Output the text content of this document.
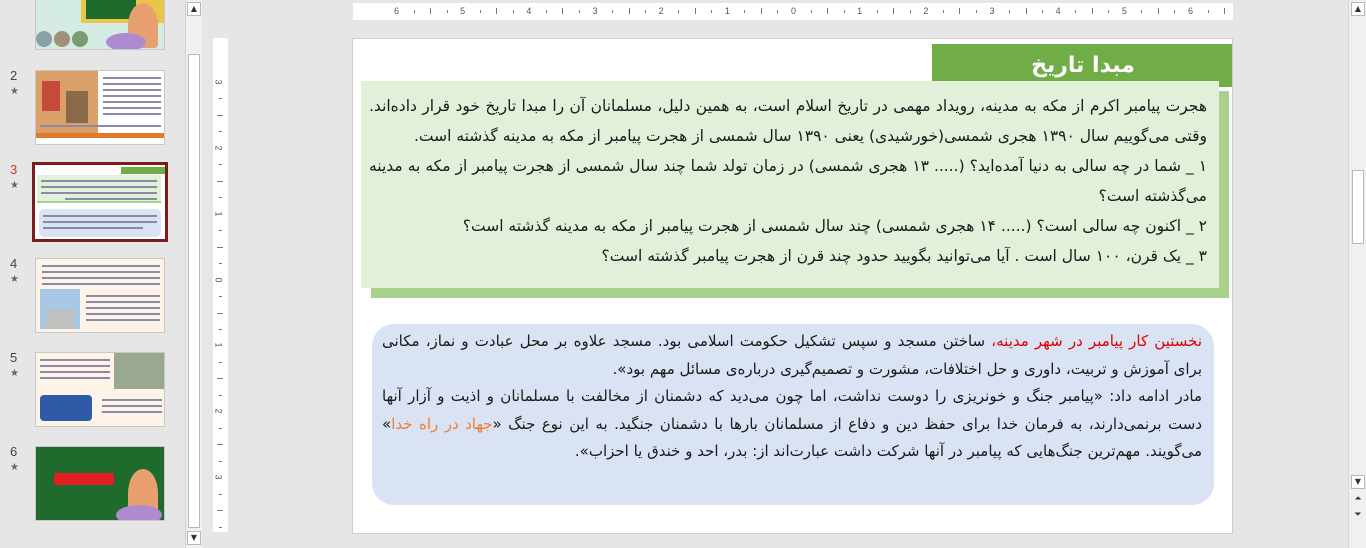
2
★
3
★
4
★
5
★
6
★
▲
▼
6	5	4	3	2	1	0	1	2	3	4	5	6
3
2
1
0
1
2
3
مبدا تاریخ

هجرت پیامبر اکرم از مکه به مدینه، رویداد مهمی در تاریخ اسلام است، به همین دلیل، مسلمانان آن را مبدا تاریخ خود قرار داده‌اند. وقتی می‌گوییم سال ۱۳۹۰ هجری شمسی(خورشیدی) یعنی ۱۳۹۰ سال شمسی از هجرت پیامبر از مکه به مدینه گذشته است.

۱ _ شما در چه سالی به دنیا آمده‌اید؟ (..... ۱۳ هجری شمسی) در زمان تولد شما چند سال شمسی از هجرت پیامبر از مکه به مدینه می‌گذشته است؟

۲ _ اکنون چه سالی است؟ (..... ۱۴ هجری شمسی) چند سال شمسی از هجرت پیامبر از مکه به مدینه گذشته است؟

۳ _ یک قرن، ۱۰۰ سال است . آیا می‌توانید بگویید حدود چند قرن از هجرت پیامبر گذشته است؟

نخستین کار پیامبر در شهر مدینه، ساختن مسجد و سپس تشکیل حکومت اسلامی بود. مسجد علاوه بر محل عبادت و نماز، مکانی برای آموزش و تربیت، داوری و حل اختلافات، مشورت و تصمیم‌گیری درباره‌ی مسائل مهم بود».

مادر ادامه داد: «پیامبر جنگ و خونریزی را دوست نداشت، اما چون می‌دید که دشمنان از مخالفت با مسلمانان و اذیت و آزار آنها دست برنمی‌دارند، به فرمان خدا برای حفظ دین و دفاع از مسلمانان بارها با دشمنان جنگید. به این نوع جنگ «جهاد در راه خدا» می‌گویند. مهم‌ترین جنگ‌هایی که پیامبر در آنها شرکت داشت عبارت‌اند از: بدر، احد و خندق یا احزاب».

▲
▼
⏶
⏷
